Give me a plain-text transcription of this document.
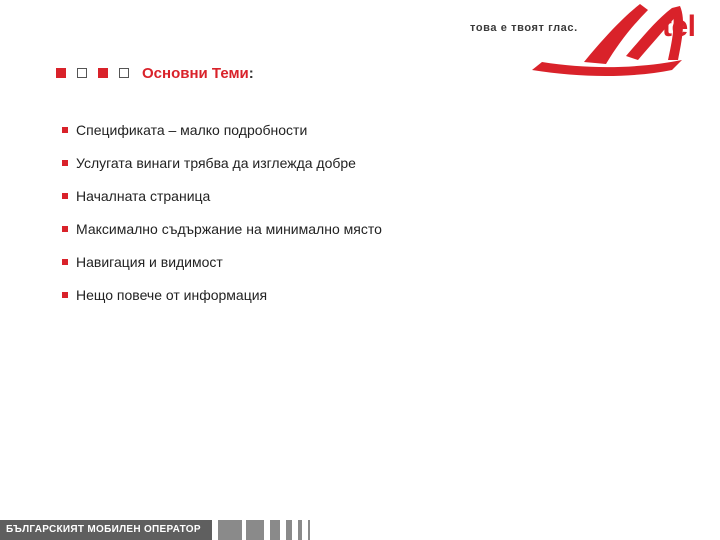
това е твоят глас.	tel
Основни Теми:
Спецификата – малко подробности
Услугата винаги трябва да изглежда добре
Началната страница
Максимално съдържание на минимално място
Навигация и видимост
Нещо повече от информация
БЪЛГАРСКИЯТ МОБИЛЕН ОПЕРАТОР
